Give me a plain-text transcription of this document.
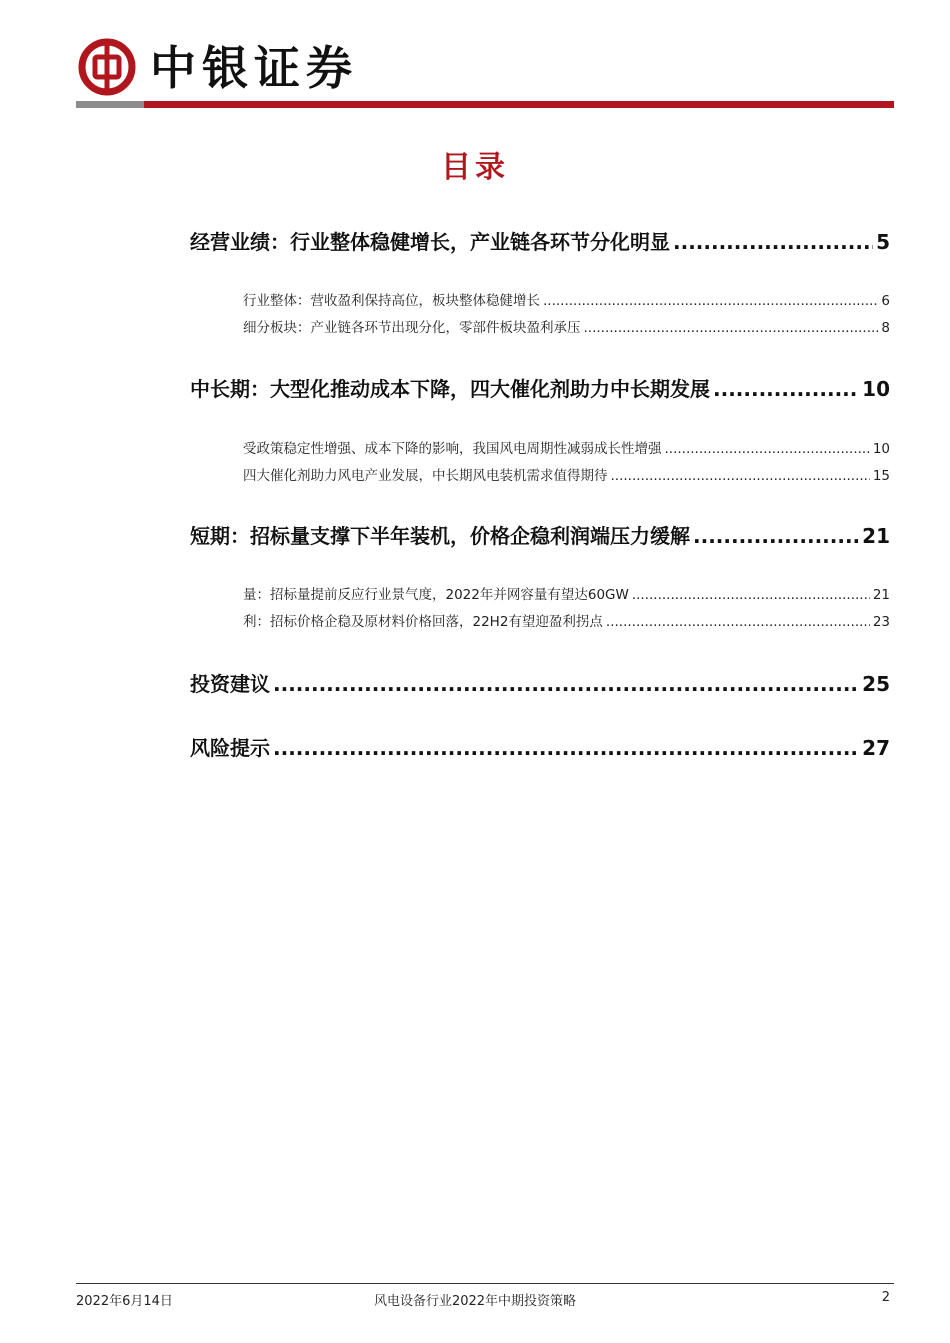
中银证券
目录
经营业绩：行业整体稳健增长，产业链各环节分化明显 .....	5
行业整体：营收盈利保持高位，板块整体稳健增长 .....	6
细分板块：产业链各环节出现分化，零部件板块盈利承压 .....	8
中长期：大型化推动成本下降，四大催化剂助力中长期发展 .....	10
受政策稳定性增强、成本下降的影响，我国风电周期性减弱成长性增强 .....	10
四大催化剂助力风电产业发展，中长期风电装机需求值得期待 .....	15
短期：招标量支撑下半年装机，价格企稳利润端压力缓解 .....	21
量：招标量提前反应行业景气度，2022年并网容量有望达60GW .....	21
利：招标价格企稳及原材料价格回落，22H2有望迎盈利拐点 .....	23
投资建议 .....	25
风险提示 .....	27
2022年6月14日	风电设备行业2022年中期投资策略	2
